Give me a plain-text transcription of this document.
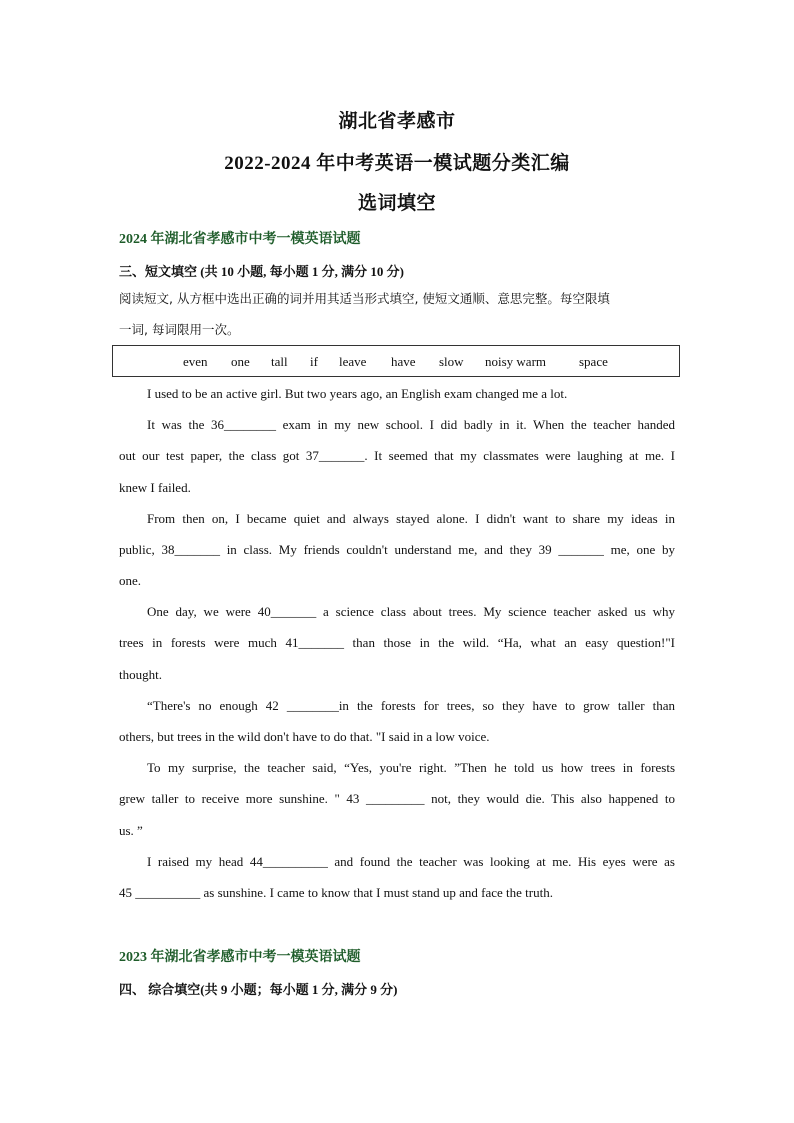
湖北省孝感市
2022-2024 年中考英语一模试题分类汇编
选词填空
2024 年湖北省孝感市中考一模英语试题
三、短文填空 (共 10 小题, 每小题 1 分, 满分 10 分)
阅读短文, 从方框中选出正确的词并用其适当形式填空, 使短文通顺、意思完整。每空限填
一词, 每词限用一次。
even one tall if leave have slow noisy warm	space
I used to be an active girl. But two years ago, an English exam changed me a lot.
It was the 36________ exam in my new school. I did badly in it. When the teacher handed
out our test paper, the class got 37_______. It seemed that my classmates were laughing at me. I
knew I failed.
From then on, I became quiet and always stayed alone. I didn't want to share my ideas in
public, 38_______ in class. My friends couldn't understand me, and they 39 _______ me, one by
one.
One day, we were 40_______ a science class about trees. My science teacher asked us why
trees in forests were much 41_______ than those in the wild. “Ha, what an easy question!"I
thought.
“There's no enough 42 ________in the forests for trees, so they have to grow taller than
others, but trees in the wild don't have to do that. "I said in a low voice.
To my surprise, the teacher said, “Yes, you're right. ”Then he told us how trees in forests
grew taller to receive more sunshine. " 43 _________ not, they would die. This also happened to
us. ”
I raised my head 44__________ and found the teacher was looking at me. His eyes were as
45 __________ as sunshine. I came to know that I must stand up and face the truth.
2023 年湖北省孝感市中考一模英语试题
四、 综合填空(共 9 小题；每小题 1 分, 满分 9 分)
